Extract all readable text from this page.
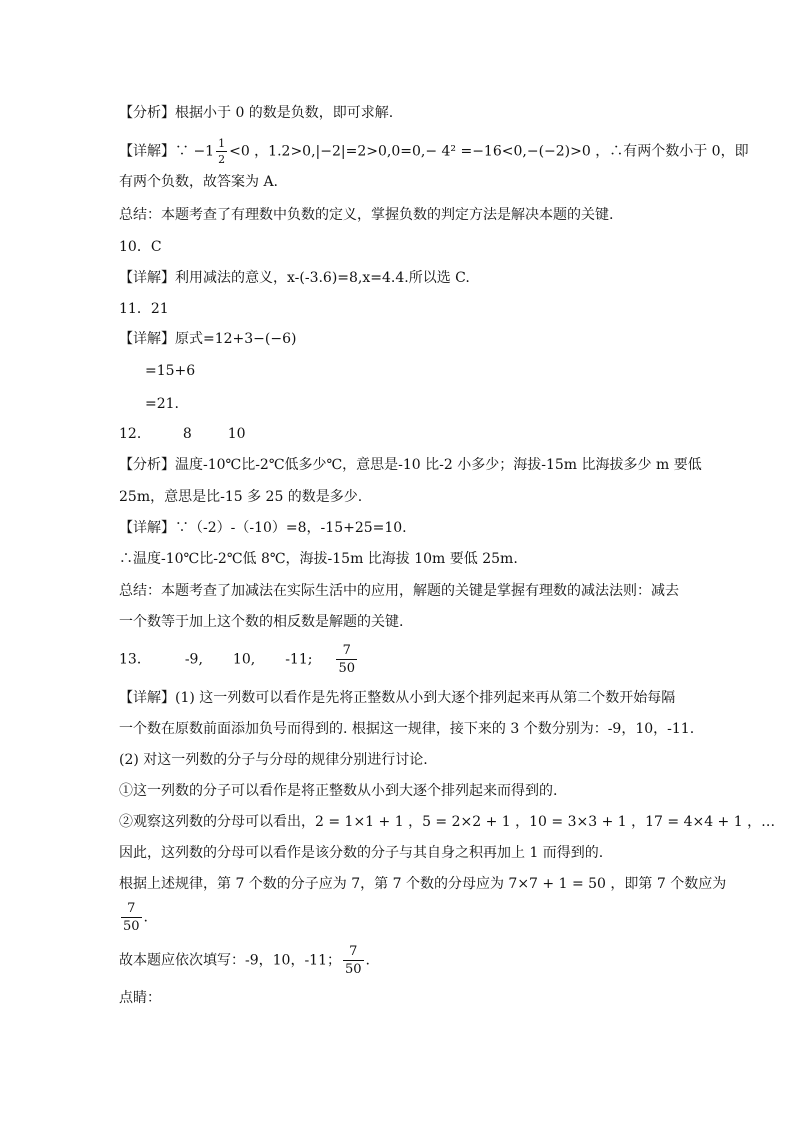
【分析】根据小于 0 的数是负数，即可求解.
【详解】∵ $-1 \frac{1}{2} <0$ ，1.2>0,|−2|=2>0,0=0,− 4² =−16<0,−(−2)>0 ，∴有两个数小于 0，即
有两个负数，故答案为 A.
总结：本题考查了有理数中负数的定义，掌握负数的判定方法是解决本题的关键.
10．C
【详解】利用减法的意义，x-(-3.6)=8,x=4.4.所以选 C.
11．21
【详解】原式=12+3−(−6)
=15+6
=21.
12． 8	10
【分析】温度-10℃比-2℃低多少℃，意思是-10 比-2 小多少；海拔-15m 比海拔多少 m 要低
25m，意思是比-15 多 25 的数是多少.
【详解】∵（-2）-（-10）=8，-15+25=10.
∴温度-10℃比-2℃低 8℃，海拔-15m 比海拔 10m 要低 25m.
总结：本题考查了加减法在实际生活中的应用，解题的关键是掌握有理数的减法法则：减去
一个数等于加上这个数的相反数是解题的关键.
13． -9, 10, -11; $\frac{7}{50}$
【详解】(1) 这一列数可以看作是先将正整数从小到大逐个排列起来再从第二个数开始每隔
一个数在原数前面添加负号而得到的. 根据这一规律，接下来的 3 个数分别为：-9，10，-11.
(2) 对这一列数的分子与分母的规律分别进行讨论.
①这一列数的分子可以看作是将正整数从小到大逐个排列起来而得到的.
②观察这列数的分母可以看出，2 = 1×1 + 1 ，5 = 2×2 + 1 ，10 = 3×3 + 1 ，17 = 4×4 + 1 ，…
因此，这列数的分母可以看作是该分数的分子与其自身之积再加上 1 而得到的.
根据上述规律，第 7 个数的分子应为 7，第 7 个数的分母应为 7×7 + 1 = 50 ，即第 7 个数应为
$\frac{7}{50}$ .
故本题应依次填写：-9，10，-11； $\frac{7}{50}$ .
点睛：
